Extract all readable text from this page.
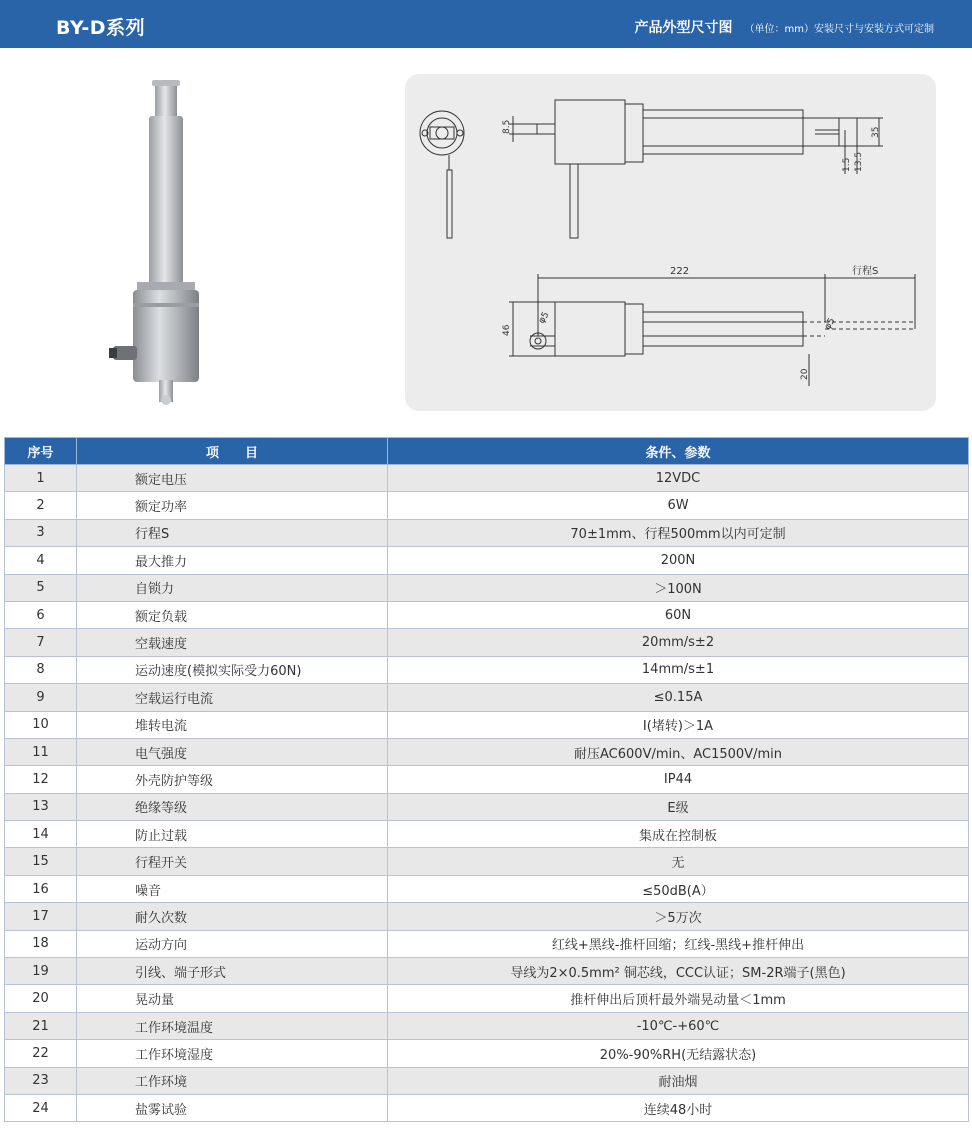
BY-D系列	产品外型尺寸图 （单位：mm）安装尺寸与安装方式可定制
8.5	35
1.5 13.5
222	行程S
46
20
φ5	φ5
序号	项　　目	条件、参数
1	额定电压	12VDC
2	额定功率	6W
3	行程S	70±1mm、行程500mm以内可定制
4	最大推力	200N
5	自锁力	＞100N
6	额定负载	60N
7	空载速度	20mm/s±2
8	运动速度(模拟实际受力60N)	14mm/s±1
9	空载运行电流	≤0.15A
10	堆转电流	I(堵转)＞1A
11	电气强度	耐压AC600V/min、AC1500V/min
12	外壳防护等级	IP44
13	绝缘等级	E级
14	防止过载	集成在控制板
15	行程开关	无
16	噪音	≤50dB(A）
17	耐久次数	＞5万次
18	运动方向	红线+黑线-推杆回缩；红线-黑线+推杆伸出
19	引线、端子形式	导线为2×0.5mm² 铜芯线，CCC认证；SM-2R端子(黑色)
20	晃动量	推杆伸出后顶杆最外端晃动量＜1mm
21	工作环境温度	-10℃-+60℃
22	工作环境湿度	20%-90%RH(无结露状态)
23	工作环境	耐油烟
24	盐雾试验	连续48小时
